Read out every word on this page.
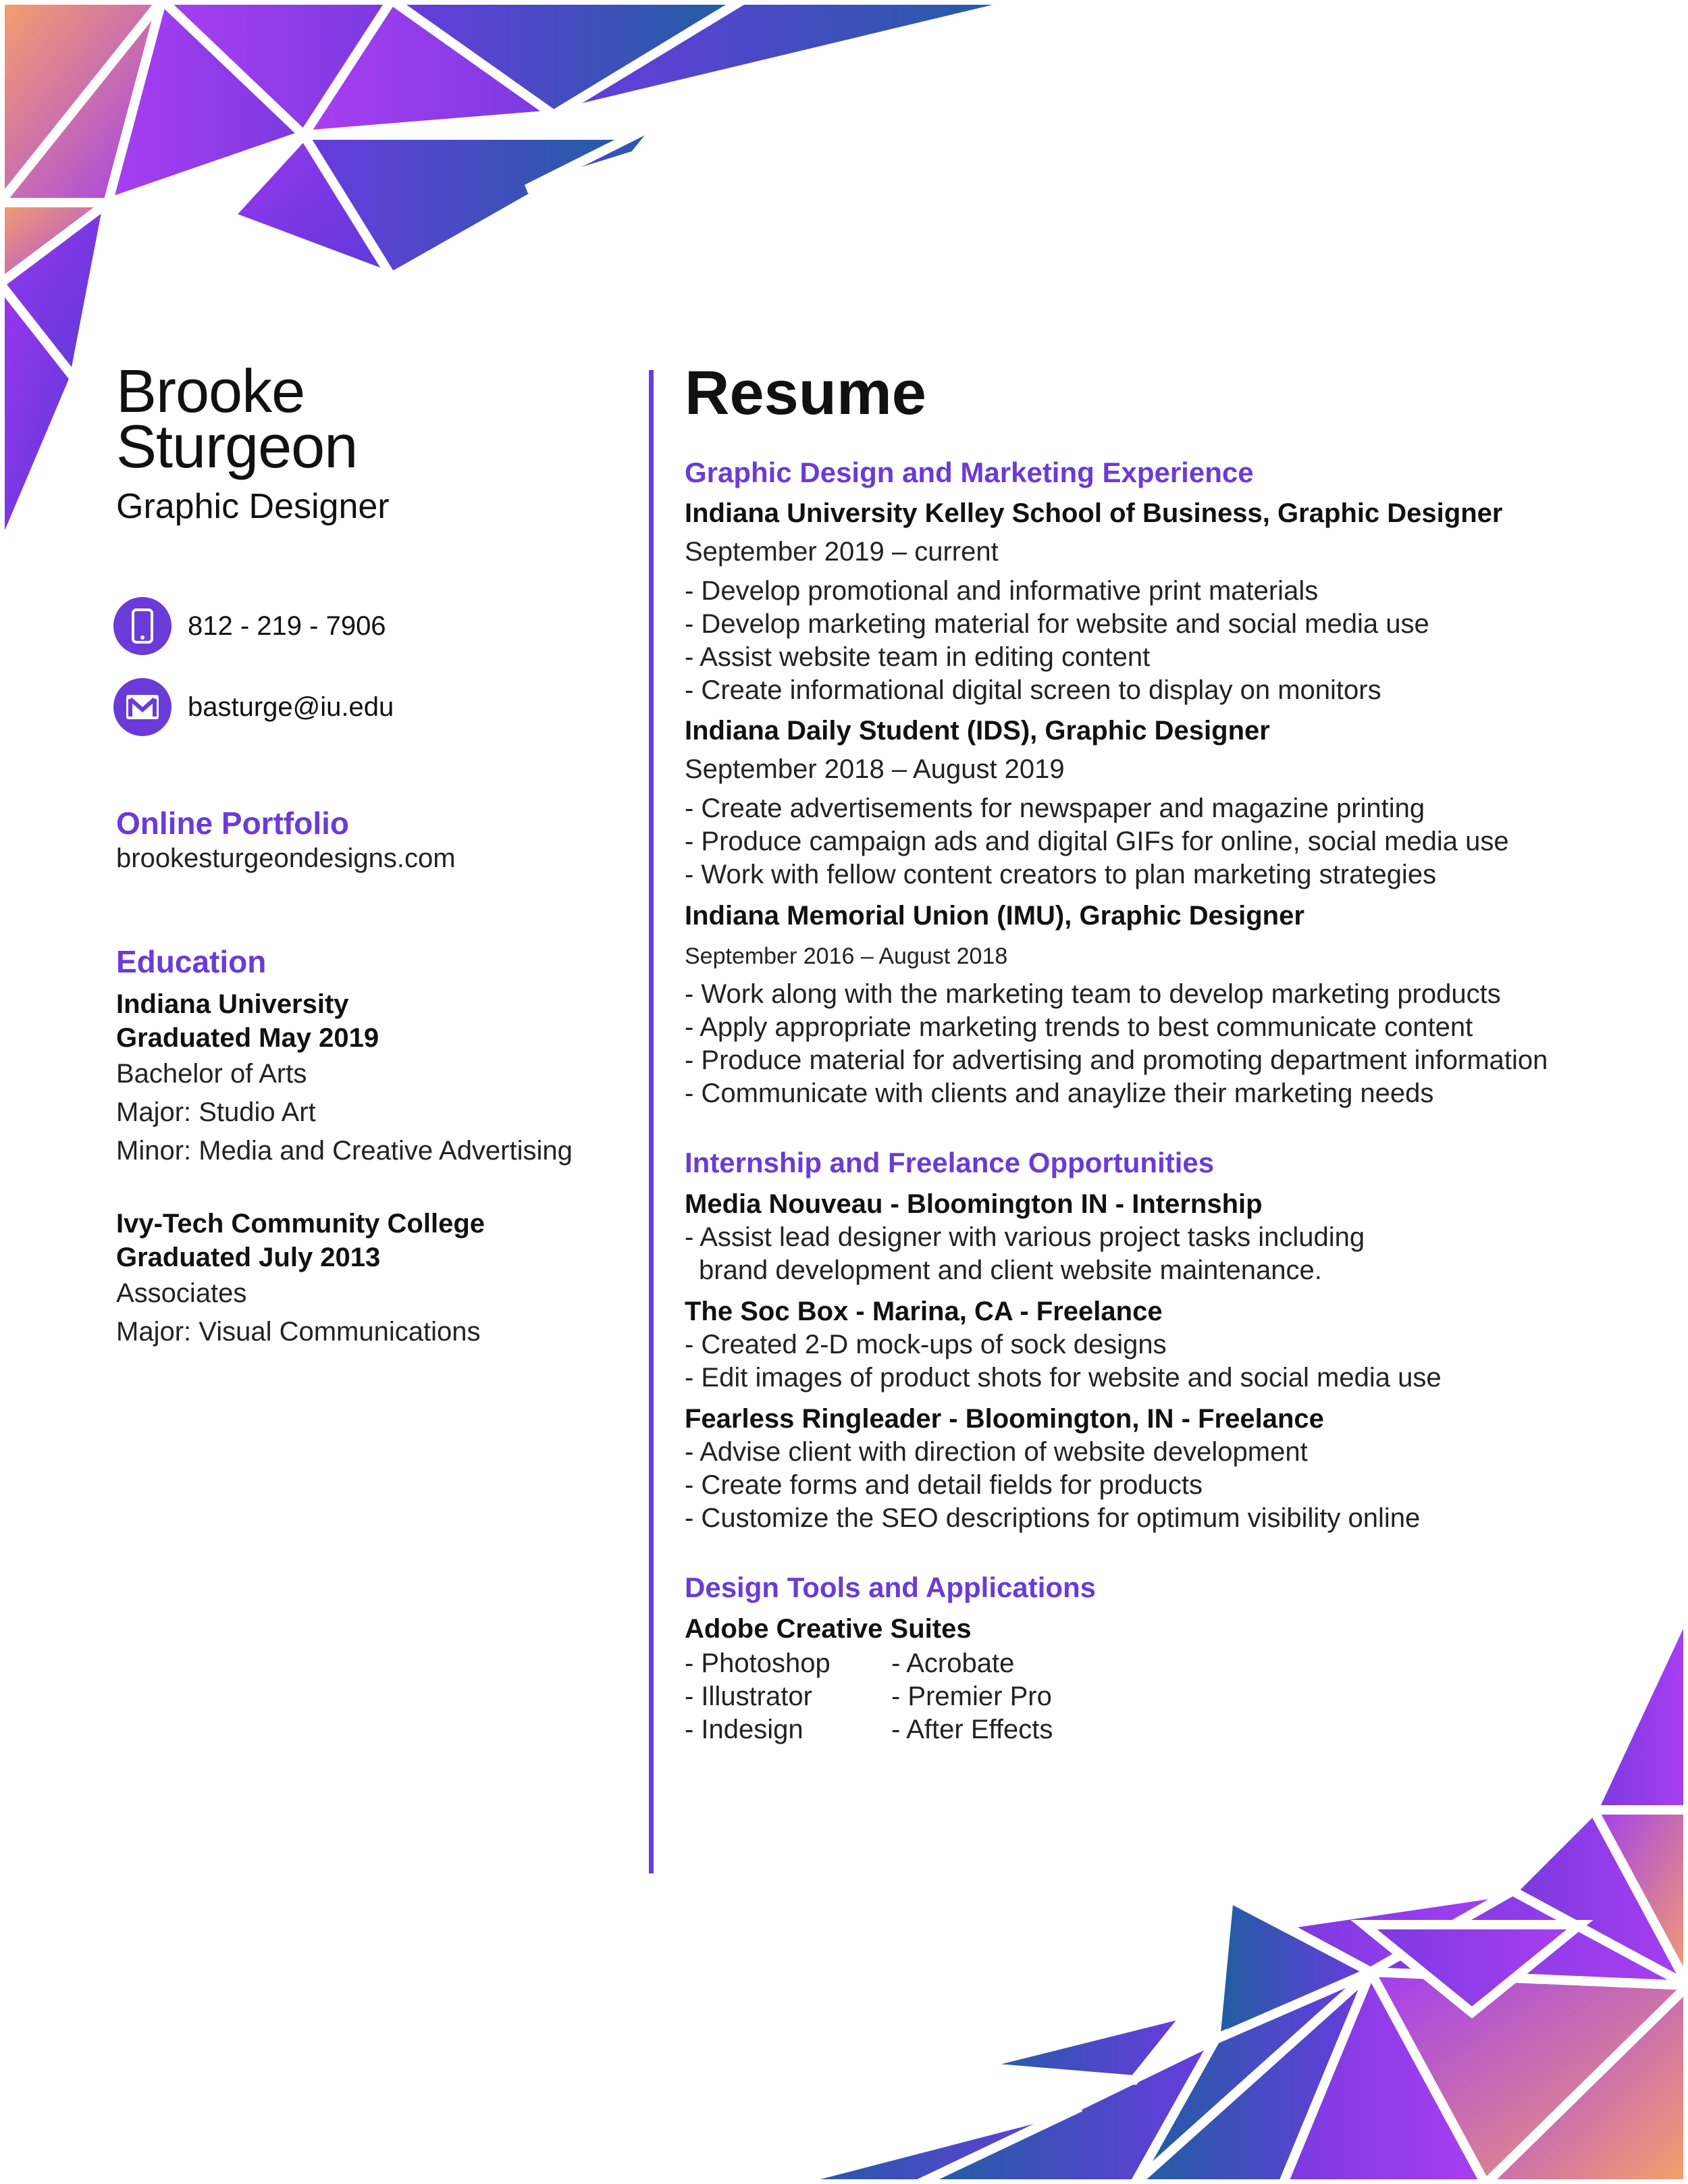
Brooke
Sturgeon
Graphic Designer
812 - 219 - 7906
basturge@iu.edu
Online Portfolio
brookesturgeondesigns.com
Education
Indiana University
Graduated May 2019
Bachelor of Arts
Major: Studio Art
Minor: Media and Creative Advertising
Ivy-Tech Community College
Graduated July 2013
Associates
Major: Visual Communications
Resume
Graphic Design and Marketing Experience
Indiana University Kelley School of Business, Graphic Designer
September 2019 – current
- Develop promotional and informative print materials
- Develop marketing material for website and social media use
- Assist website team in editing content
- Create informational digital screen to display on monitors
Indiana Daily Student (IDS), Graphic Designer
September 2018 – August 2019
- Create advertisements for newspaper and magazine printing
- Produce campaign ads and digital GIFs for online, social media use
- Work with fellow content creators to plan marketing strategies
Indiana Memorial Union (IMU), Graphic Designer
September 2016 – August 2018
- Work along with the marketing team to develop marketing products
- Apply appropriate marketing trends to best communicate content
- Produce material for advertising and promoting department information
- Communicate with clients and anaylize their marketing needs
Internship and Freelance Opportunities
Media Nouveau - Bloomington IN - Internship
- Assist lead designer with various project tasks including
brand development and client website maintenance.
The Soc Box - Marina, CA - Freelance
- Created 2-D mock-ups of sock designs
- Edit images of product shots for website and social media use
Fearless Ringleader - Bloomington, IN - Freelance
- Advise client with direction of website development
- Create forms and detail fields for products
- Customize the SEO descriptions for optimum visibility online
Design Tools and Applications
Adobe Creative Suites
- Photoshop
- Illustrator
- Indesign
- Acrobate
- Premier Pro
- After Effects
